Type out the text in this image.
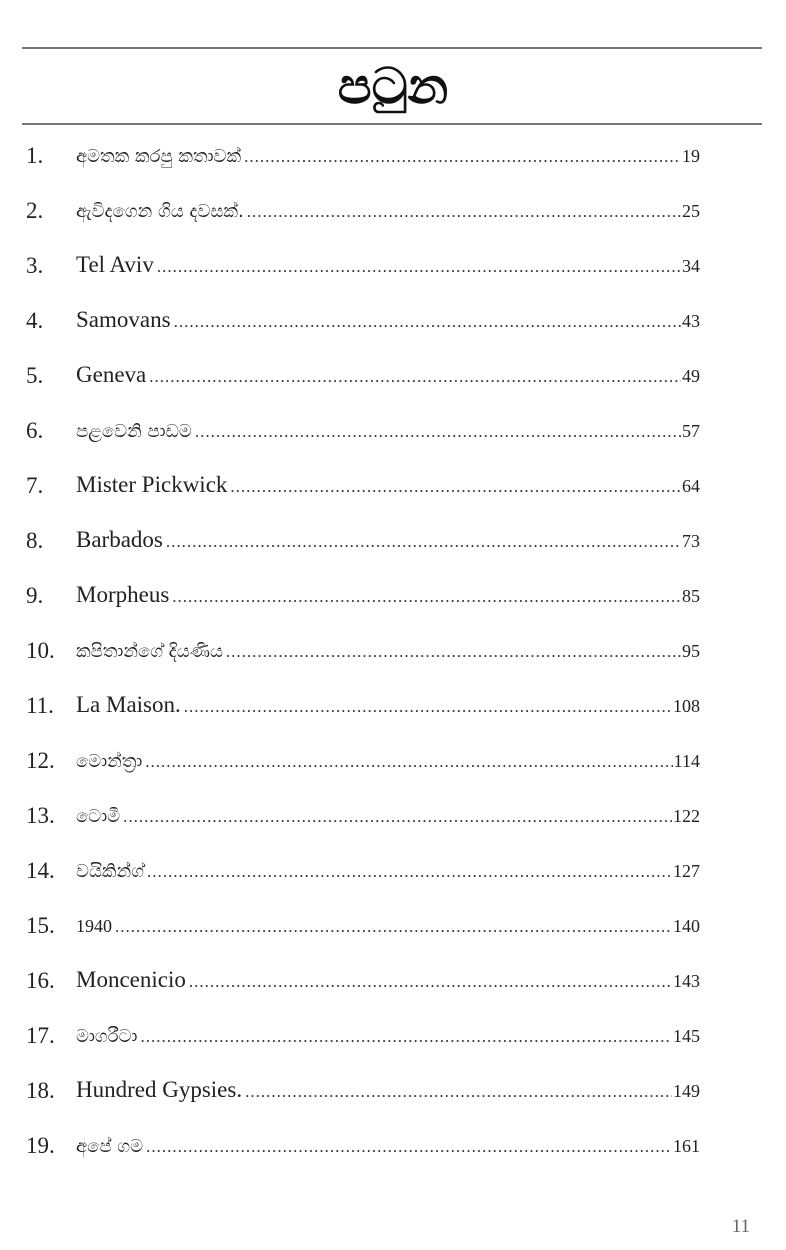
පටුන
1.	අමතක කරපු කතාවක් .....	19
2.	ඇවිදගෙන ගිය දවසක්. .....	25
3.	Tel Aviv .....	34
4.	Samovans .....	43
5.	Geneva .....	49
6.	පළවෙනි පාඩම .....	57
7.	Mister Pickwick .....	64
8.	Barbados .....	73
9.	Morpheus .....	85
10.	කපිතාන්ගේ දියණිය .....	95
11. La Maison. .....	108
12.	මොන්ත්‍රා .....	114
13.	ටොමී .....	122
14.	වයිකින්ග් .....	127
15.	1940 .....	140
16. Moncenicio .....	143
17.	මාගරීටා .....	145
18. Hundred Gypsies. .....	149
19.	අපේ ගම .....	161
11
